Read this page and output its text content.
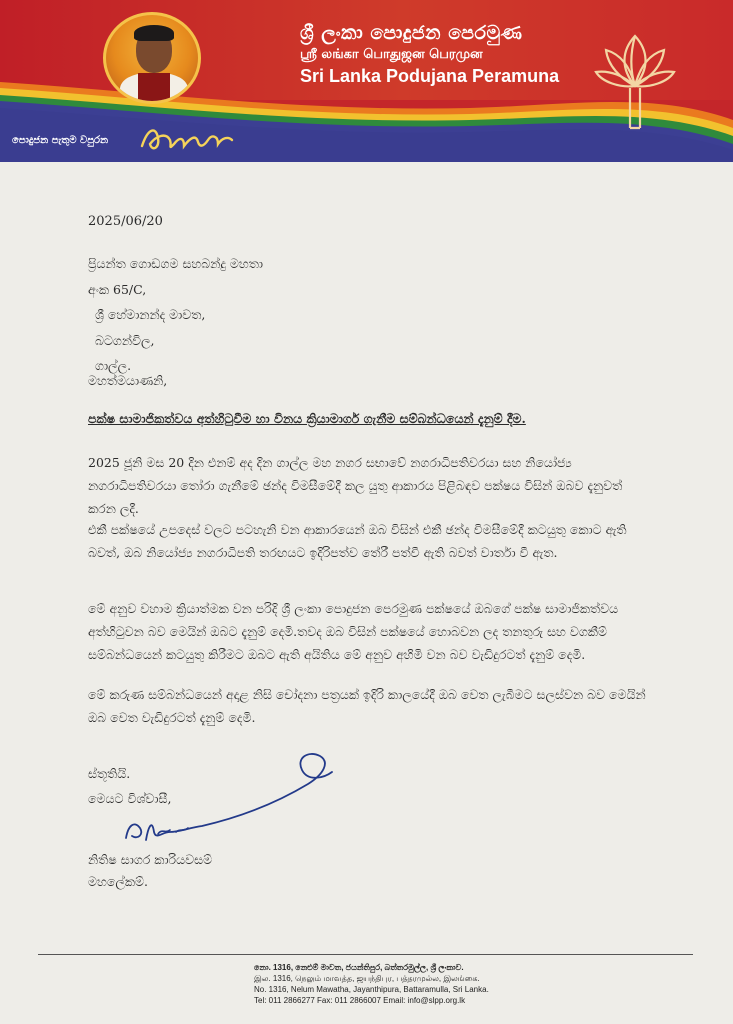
ශ්‍රී ලංකා පොදුජන පෙරමුණ
ஸ்ரீ லங்கா பொதுஜன பெரமுன
Sri Lanka Podujana Peramuna
පොදුජන පැතුම වපුරන
2025/06/20
ප්‍රියන්ත ගොඩගම සහබන්දු මහතා
අංක 65/C,
ශ්‍රී හේමානන්ද මාවත,
බටගන්විල,
ගාල්ල.
මහත්මයාණනි,
පක්ෂ සාමාජිකත්වය අත්හිටුවීම හා විනය ක්‍රියාමාර්ග ගැනීම සම්බන්ධයෙන් දැනුම් දීම.
2025 ජූනි මස 20 දින එනම් අද දින ගාල්ල මහ නගර සභාවේ නගරාධිපතිවරයා සහ නියෝජ්‍ය නගරාධිපතිවරයා තෝරා ගැනීමේ ඡන්ද විමසීමේදී කල යුතු ආකාරය පිළිබඳව පක්ෂය විසින් ඔබව දැනුවත් කරන ලදී.
එකී පක්ෂයේ උපදෙස් වලට පටහැනි වන ආකාරයෙන් ඔබ විසින් එකී ඡන්ද විමසීමේදී කටයුතු කොට ඇති බවත්, ඔබ නියෝජ්‍ය නගරාධිපති තරඟයට ඉදිරිපත්ව තේරී පත්වී ඇති බවත් වාර්තා වී ඇත.
මේ අනුව වහාම ක්‍රියාත්මක වන පරිදි ශ්‍රී ලංකා පොදුජන පෙරමුණ පක්ෂයේ ඔබගේ පක්ෂ සාමාජිකත්වය අත්හිටුවන බව මෙයින් ඔබට දැනුම් දෙමි.තවද ඔබ විසින් පක්ෂයේ හොබවන ලද තනතුරු සහ වගකීම් සම්බන්ධයෙන් කටයුතු කිරීමට ඔබට ඇති අයිතිය මේ අනුව අහිමි වන බව වැඩිදුරටත් දැනුම් දෙමි.
මේ කරුණ සම්බන්ධයෙන් අදාළ නිසි චෝදනා පත්‍රයක් ඉදිරි කාලයේදී ඔබ වෙත ලැබීමට සලස්වන බව මෙයින් ඔබ වෙත වැඩිදුරටත් දැනුම් දෙමි.
ස්තූතියි.
මෙයට විශ්වාසී,
නිතිෂ සාගර කාරියවසම්
මහලේකම්.
නො. 1316, නෙළුම් මාවත, ජයන්තිපුර, බත්තරමුල්ල, ශ්‍රී ලංකාව.
இல. 1316, நெலும் மாவத்த, ஜயந்திபுர, பத்தரமுல்ல, இலங்கை.
No. 1316, Nelum Mawatha, Jayanthipura, Battaramulla, Sri Lanka.
Tel: 011 2866277 Fax: 011 2866007 Email: info@slpp.org.lk
